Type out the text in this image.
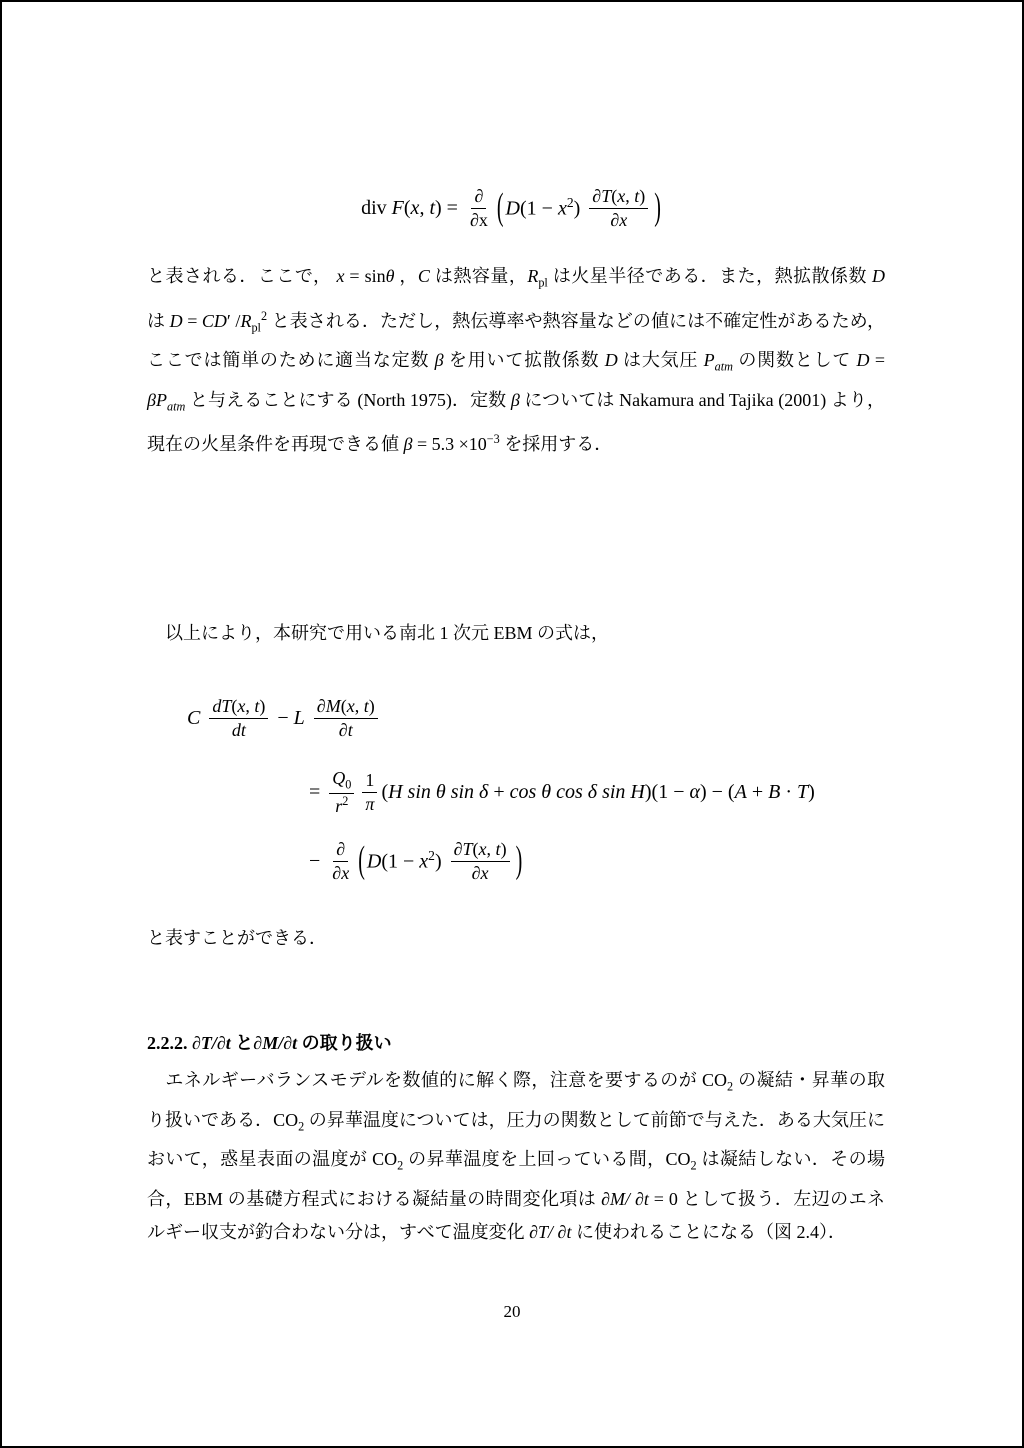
div F(x, $t) = \frac{\partial}{\partial x}$ ( $D(1 - x^2) \frac{\partial T(x, t)}{\partial x}$ )

と表される．ここで， x = sinθ ，C は熱容量，$R_{pl}$ は火星半径である．また，熱拡散係数 D は D = CD′ $/R_{pl}^2$ と表される．ただし，熱伝導率や熱容量などの値には不確定性があるため，ここでは簡単のために適当な定数 β を用いて拡散係数 D は大気圧 $P_{atm}$ の関数として $D = \beta P_{atm}$ と与えることにする (North 1975)．定数 β については Nakamura and Tajika (2001) より，現在の火星条件を再現できる値 $\beta = 5.3 \times 10^{-3}$ を採用する．

　以上により，本研究で用いる南北 1 次元 EBM の式は，

C $\frac{dT(x, t)}{dt} - L \frac{\partial M(x, t)}{\partial t}$
= $\frac{Q_0}{r^2} \frac{1}{\pi} (H$ sin θ sin δ + cos θ cos δ sin H)(1 − α) − (A + B · T)
− $\frac{\partial}{\partial x}$ ( $D(1 - x^2) \frac{\partial T(x, t)}{\partial x}$ )

と表すことができる．

2.2.2. ∂T/∂t と∂M/∂t の取り扱い

　エネルギーバランスモデルを数値的に解く際，注意を要するのが $CO_2$ の凝結・昇華の取り扱いである．$CO_2$ の昇華温度については，圧力の関数として前節で与えた．ある大気圧において，惑星表面の温度が $CO_2$ の昇華温度を上回っている間，$CO_2$ は凝結しない．その場合，EBM の基礎方程式における凝結量の時間変化項は ∂M/ ∂t = 0 として扱う．左辺のエネルギー収支が釣合わない分は，すべて温度変化 ∂T/ ∂t に使われることになる（図 2.4）．

20
